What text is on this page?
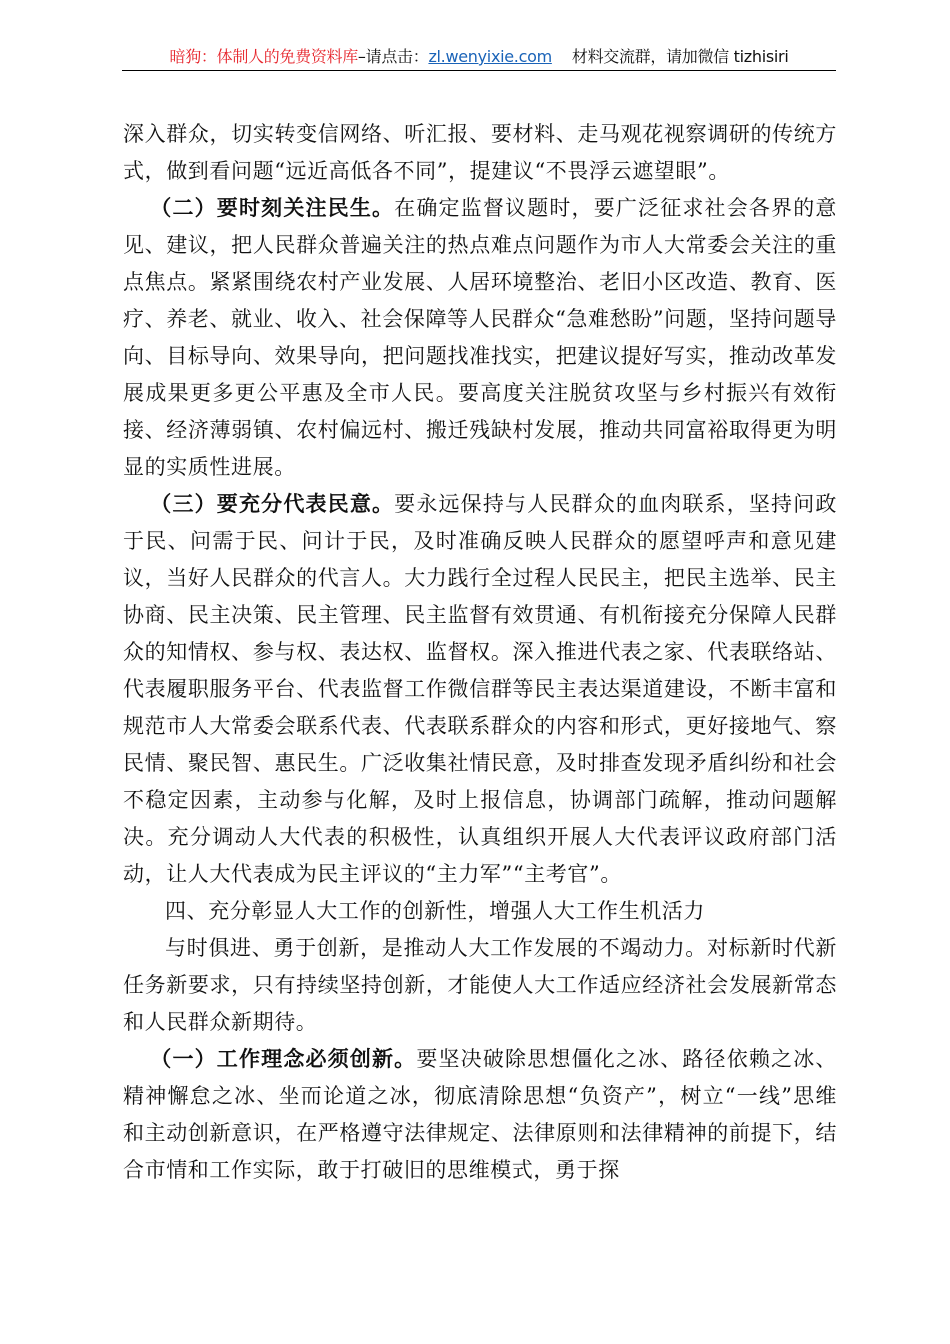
暗狗：体制人的免费资料库–请点击：zl.wenyixie.com 材料交流群，请加微信 tizhisiri

深入群众，切实转变信网络、听汇报、要材料、走马观花视察调研的传统方式，做到看问题“远近高低各不同”，提建议“不畏浮云遮望眼”。

（二）要时刻关注民生。在确定监督议题时，要广泛征求社会各界的意见、建议，把人民群众普遍关注的热点难点问题作为市人大常委会关注的重点焦点。紧紧围绕农村产业发展、人居环境整治、老旧小区改造、教育、医疗、养老、就业、收入、社会保障等人民群众“急难愁盼”问题，坚持问题导向、目标导向、效果导向，把问题找准找实，把建议提好写实，推动改革发展成果更多更公平惠及全市人民。要高度关注脱贫攻坚与乡村振兴有效衔接、经济薄弱镇、农村偏远村、搬迁残缺村发展，推动共同富裕取得更为明显的实质性进展。

（三）要充分代表民意。要永远保持与人民群众的血肉联系，坚持问政于民、问需于民、问计于民，及时准确反映人民群众的愿望呼声和意见建议，当好人民群众的代言人。大力践行全过程人民民主，把民主选举、民主协商、民主决策、民主管理、民主监督有效贯通、有机衔接充分保障人民群众的知情权、参与权、表达权、监督权。深入推进代表之家、代表联络站、代表履职服务平台、代表监督工作微信群等民主表达渠道建设，不断丰富和规范市人大常委会联系代表、代表联系群众的内容和形式，更好接地气、察民情、聚民智、惠民生。广泛收集社情民意，及时排查发现矛盾纠纷和社会不稳定因素，主动参与化解，及时上报信息，协调部门疏解，推动问题解决。充分调动人大代表的积极性，认真组织开展人大代表评议政府部门活动，让人大代表成为民主评议的“主力军”“主考官”。

四、充分彰显人大工作的创新性，增强人大工作生机活力

与时俱进、勇于创新，是推动人大工作发展的不竭动力。对标新时代新任务新要求，只有持续坚持创新，才能使人大工作适应经济社会发展新常态和人民群众新期待。

（一）工作理念必须创新。要坚决破除思想僵化之冰、路径依赖之冰、精神懈怠之冰、坐而论道之冰，彻底清除思想“负资产”，树立“一线”思维和主动创新意识，在严格遵守法律规定、法律原则和法律精神的前提下，结合市情和工作实际，敢于打破旧的思维模式，勇于探
